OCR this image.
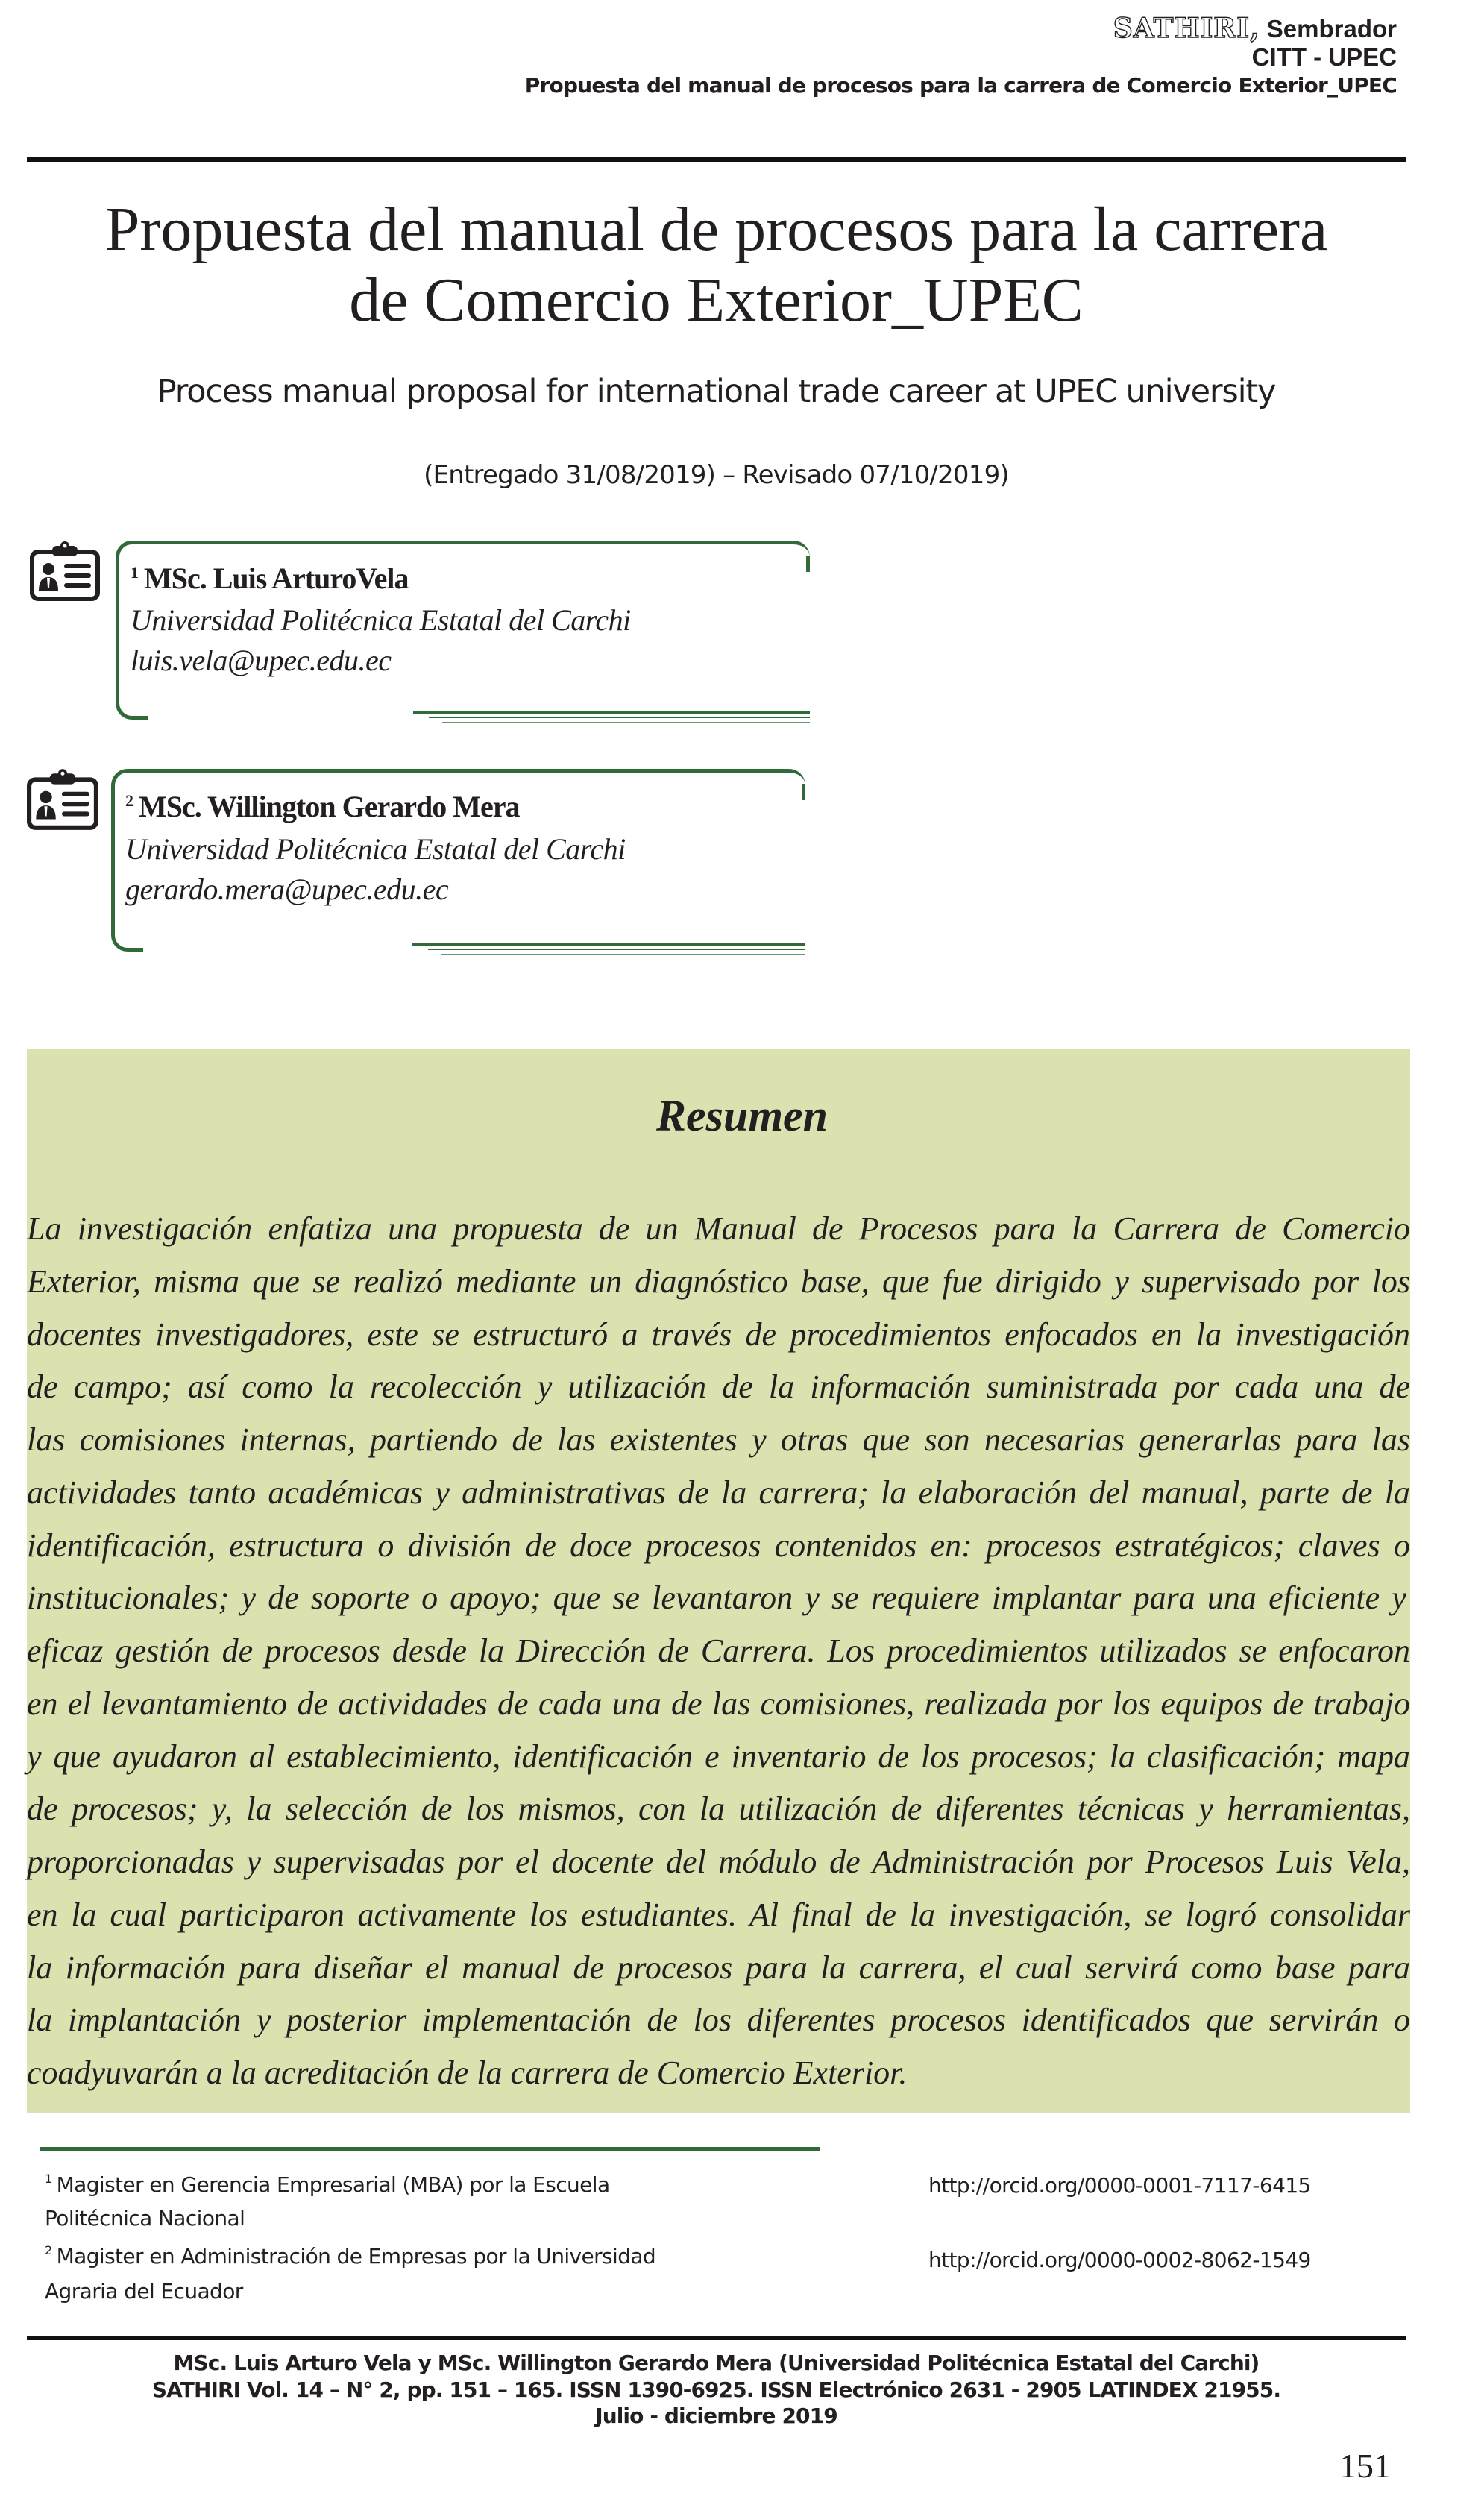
SATHIRI, Sembrador
CITT - UPEC
Propuesta del manual de procesos para la carrera de Comercio Exterior_UPEC
Propuesta del manual de procesos para la carrera
de Comercio Exterior_UPEC
Process manual proposal for international trade career at UPEC university
(Entregado 31/08/2019) – Revisado 07/10/2019)
$^1$ MSc. Luis ArturoVela
Universidad Politécnica Estatal del Carchi
luis.vela@upec.edu.ec
$^2$ MSc. Willington Gerardo Mera
Universidad Politécnica Estatal del Carchi
gerardo.mera@upec.edu.ec
Resumen
La investigación enfatiza una propuesta de un Manual de Procesos para la Carrera de Comercio
Exterior, misma que se realizó mediante un diagnóstico base, que fue dirigido y supervisado por los
docentes investigadores, este se estructuró a través de procedimientos enfocados en la investigación
de campo; así como la recolección y utilización de la información suministrada por cada una de
las comisiones internas, partiendo de las existentes y otras que son necesarias generarlas para las
actividades tanto académicas y administrativas de la carrera; la elaboración del manual, parte de la
identificación, estructura o división de doce procesos contenidos en: procesos estratégicos; claves o
institucionales; y de soporte o apoyo; que se levantaron y se requiere implantar para una eficiente y
eficaz gestión de procesos desde la Dirección de Carrera. Los procedimientos utilizados se enfocaron
en el levantamiento de actividades de cada una de las comisiones, realizada por los equipos de trabajo
y que ayudaron al establecimiento, identificación e inventario de los procesos; la clasificación; mapa
de procesos; y, la selección de los mismos, con la utilización de diferentes técnicas y herramientas,
proporcionadas y supervisadas por el docente del módulo de Administración por Procesos Luis Vela,
en la cual participaron activamente los estudiantes. Al final de la investigación, se logró consolidar
la información para diseñar el manual de procesos para la carrera, el cual servirá como base para
la implantación y posterior implementación de los diferentes procesos identificados que servirán o
coadyuvarán a la acreditación de la carrera de Comercio Exterior.
$^1$ Magister en Gerencia Empresarial (MBA) por la Escuela
Politécnica Nacional
$^2$ Magister en Administración de Empresas por la Universidad
Agraria del Ecuador
http://orcid.org/0000-0001-7117-6415
http://orcid.org/0000-0002-8062-1549
MSc. Luis Arturo Vela y MSc. Willington Gerardo Mera (Universidad Politécnica Estatal del Carchi)
SATHIRI Vol. 14 – N° 2, pp. 151 – 165. ISSN 1390-6925. ISSN Electrónico 2631 - 2905 LATINDEX 21955.
Julio - diciembre 2019
151
